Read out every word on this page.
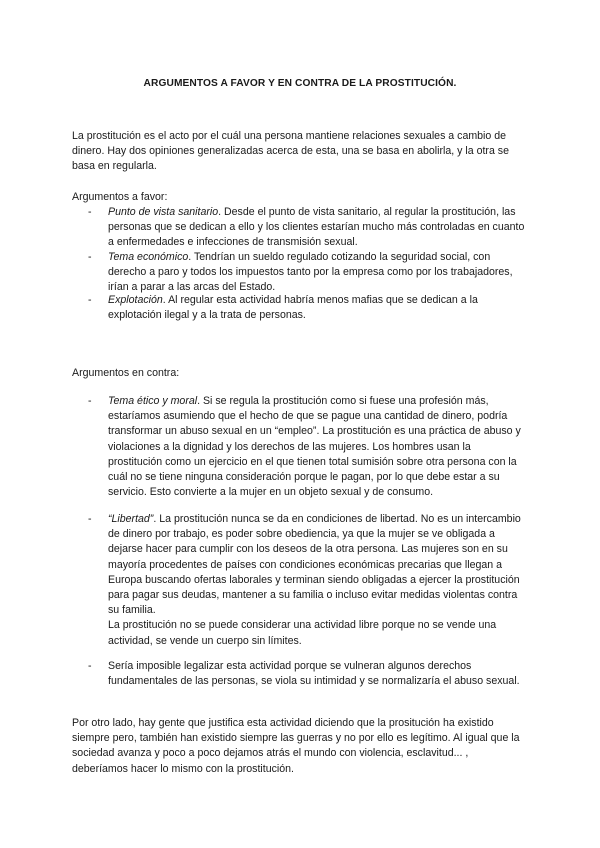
ARGUMENTOS A FAVOR Y EN CONTRA DE LA PROSTITUCIÓN.
La prostitución es el acto por el cuál una persona mantiene relaciones sexuales a cambio de dinero. Hay dos opiniones generalizadas acerca de esta, una se basa en abolirla, y la otra se basa en regularla.
Argumentos a favor:
- Punto de vista sanitario. Desde el punto de vista sanitario, al regular la prostitución, las personas que se dedican a ello y los clientes estarían mucho más controladas en cuanto a enfermedades e infecciones de transmisión sexual.
- Tema económico. Tendrían un sueldo regulado cotizando la seguridad social, con derecho a paro y todos los impuestos tanto por la empresa como por los trabajadores, irían a parar a las arcas del Estado.
- Explotación. Al regular esta actividad habría menos mafias que se dedican a la explotación ilegal y a la trata de personas.
Argumentos en contra:
- Tema ético y moral. Si se regula la prostitución como si fuese una profesión más, estaríamos asumiendo que el hecho de que se pague una cantidad de dinero, podría transformar un abuso sexual en un “empleo”. La prostitución es una práctica de abuso y violaciones a la dignidad y los derechos de las mujeres. Los hombres usan la prostitución como un ejercicio en el que tienen total sumisión sobre otra persona con la cuál no se tiene ninguna consideración porque le pagan, por lo que debe estar a su servicio. Esto convierte a la mujer en un objeto sexual y de consumo.
- “Libertad”. La prostitución nunca se da en condiciones de libertad. No es un intercambio de dinero por trabajo, es poder sobre obediencia, ya que la mujer se ve obligada a dejarse hacer para cumplir con los deseos de la otra persona. Las mujeres son en su mayoría procedentes de países con condiciones económicas precarias que llegan a Europa buscando ofertas laborales y terminan siendo obligadas a ejercer la prostitución para pagar sus deudas, mantener a su familia o incluso evitar medidas violentas contra su familia.
La prostitución no se puede considerar una actividad libre porque no se vende una actividad, se vende un cuerpo sin límites.
- Sería imposible legalizar esta actividad porque se vulneran algunos derechos fundamentales de las personas, se viola su intimidad y se normalizaría el abuso sexual.
Por otro lado, hay gente que justifica esta actividad diciendo que la prositución ha existido siempre pero, también han existido siempre las guerras y no por ello es legítimo. Al igual que la sociedad avanza y poco a poco dejamos atrás el mundo con violencia, esclavitud... , deberíamos hacer lo mismo con la prostitución.
